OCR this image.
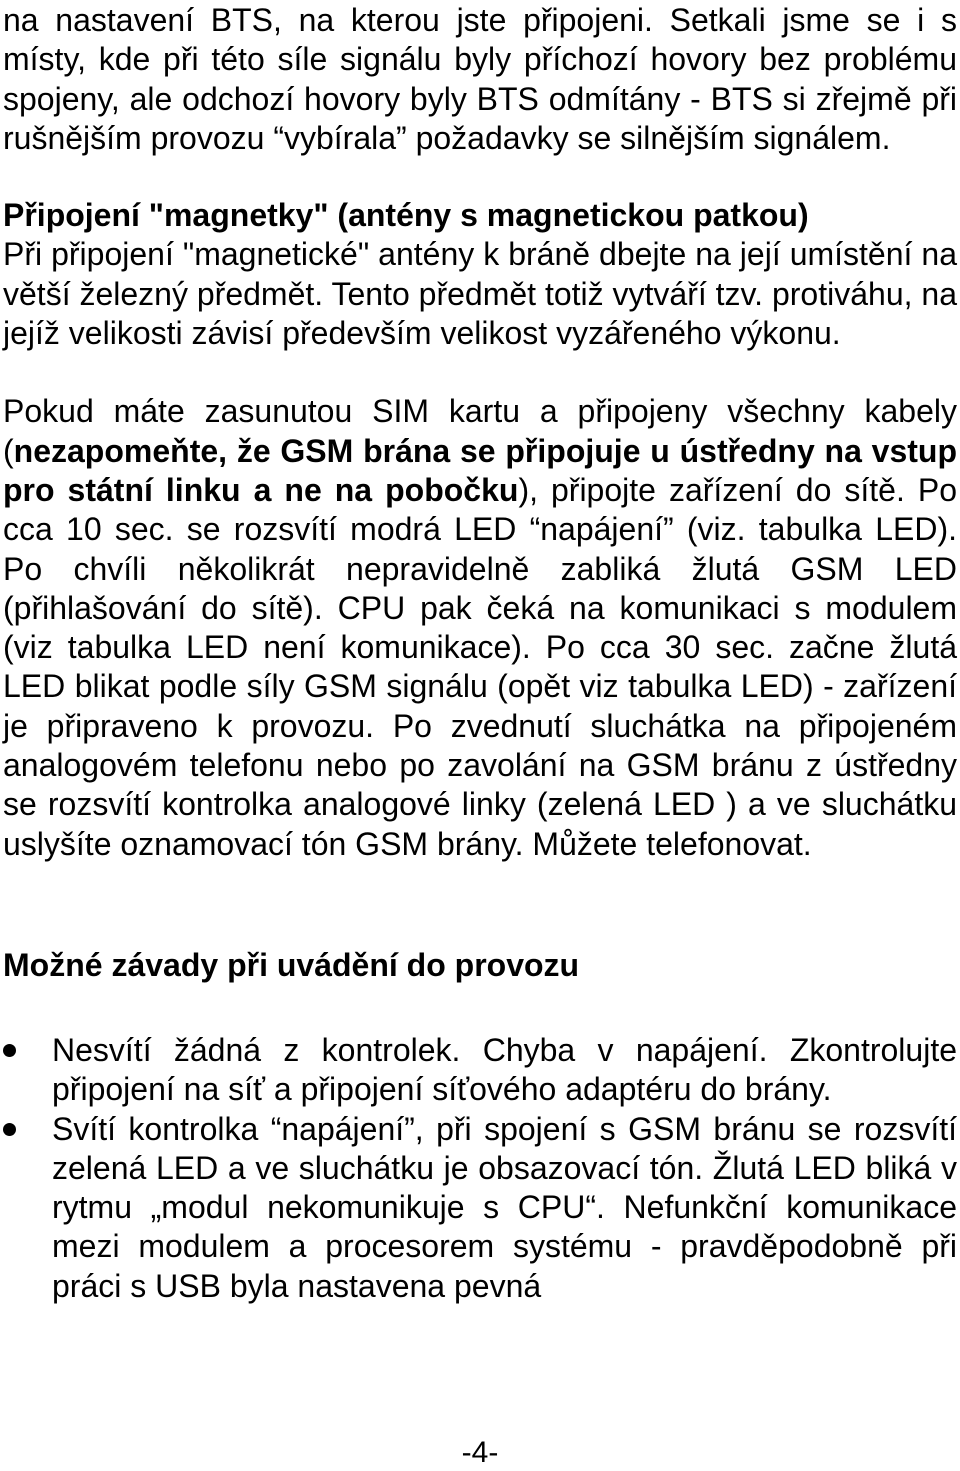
na nastavení BTS, na kterou jste připojeni. Setkali jsme se i s místy, kde při této síle signálu byly příchozí hovory bez problému spojeny, ale odchozí hovory byly BTS odmítány - BTS si zřejmě při rušnějším provozu “vybírala” požadavky se silnějším signálem.

Připojení "magnetky" (antény s magnetickou patkou)

Při připojení "magnetické" antény k bráně dbejte na její umístění na větší železný předmět. Tento předmět totiž vytváří tzv. protiváhu, na jejíž velikosti závisí především velikost vyzářeného výkonu.

Pokud máte zasunutou SIM kartu a připojeny všechny kabely (nezapomeňte, že GSM brána se připojuje u ústředny na vstup pro státní linku a ne na pobočku), připojte zařízení do sítě. Po cca 10 sec. se rozsvítí modrá LED “napájení” (viz. tabulka LED). Po chvíli několikrát nepravidelně zabliká žlutá GSM LED (přihlašování do sítě). CPU pak čeká na komunikaci s modulem (viz tabulka LED není komunikace). Po cca 30 sec. začne žlutá LED blikat podle síly GSM signálu (opět viz tabulka LED) - zařízení je připraveno k provozu. Po zvednutí sluchátka na připojeném analogovém telefonu nebo po zavolání na GSM bránu z ústředny se rozsvítí kontrolka analogové linky (zelená LED ) a ve sluchátku uslyšíte oznamovací tón GSM brány. Můžete telefonovat.

Možné závady při uvádění do provozu

Nesvítí žádná z kontrolek. Chyba v napájení. Zkontrolujte připojení na síť a připojení síťového adaptéru do brány.

Svítí kontrolka “napájení”, při spojení s GSM bránu se rozsvítí zelená LED a ve sluchátku je obsazovací tón. Žlutá LED bliká v rytmu „modul nekomunikuje s CPU“. Nefunkční komunikace mezi modulem a procesorem systému - pravděpodobně při práci s USB byla nastavena pevná

-4-
